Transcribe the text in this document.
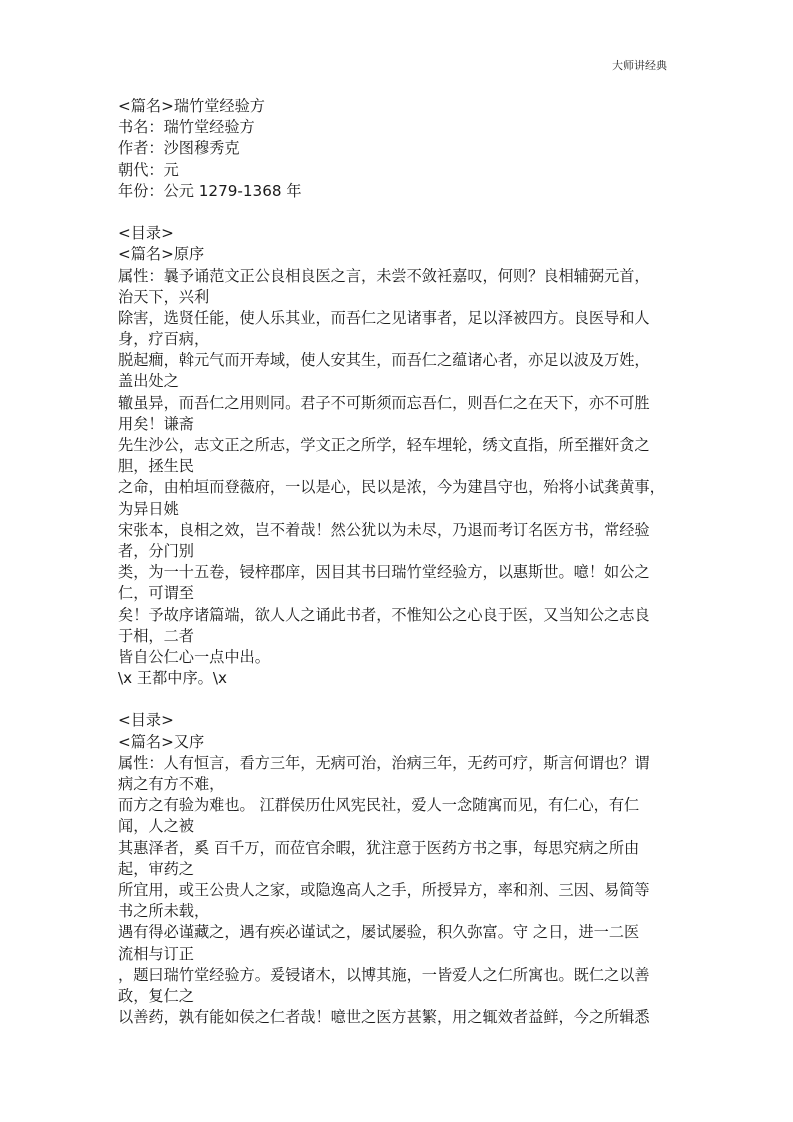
大师讲经典
<篇名>瑞竹堂经验方
书名：瑞竹堂经验方
作者：沙图穆秀克
朝代：元
年份：公元 1279-1368 年
<目录>
<篇名>原序
属性：曩予诵范文正公良相良医之言，未尝不敛衽嘉叹，何则？良相辅弼元首，
治天下，兴利
除害，选贤任能，使人乐其业，而吾仁之见诸事者，足以泽被四方。良医导和人
身，疗百病，
脱起癎，斡元气而开寿域，使人安其生，而吾仁之蕴诸心者，亦足以波及万姓，
盖出处之
辙虽异，而吾仁之用则同。君子不可斯须而忘吾仁，则吾仁之在天下，亦不可胜
用矣！谦斋
先生沙公，志文正之所志，学文正之所学，轻车埋轮，绣文直指，所至摧奸贪之
胆，拯生民
之命，由柏垣而登薇府，一以是心，民以是浓，今为建昌守也，殆将小试龚黄事，
为异日姚
宋张本，良相之效，岂不着哉！然公犹以为未尽，乃退而考订名医方书，常经验
者，分门别
类，为一十五卷，锓梓郡庠，因目其书曰瑞竹堂经验方，以惠斯世。噫！如公之
仁，可谓至
矣！予故序诸篇端，欲人人之诵此书者，不惟知公之心良于医，又当知公之志良
于相，二者
皆自公仁心一点中出。
\x 王都中序。\x
<目录>
<篇名>又序
属性：人有恒言，看方三年，无病可治，治病三年，无药可疗，斯言何谓也？谓
病之有方不难，
而方之有验为难也。 江群侯历仕风宪民社，爱人一念随寓而见，有仁心，有仁
闻，人之被
其惠泽者，奚 百千万，而莅官余暇，犹注意于医药方书之事，每思究病之所由
起，审药之
所宜用，或王公贵人之家，或隐逸高人之手，所授异方，率和剂、三因、易简等
书之所未载，
遇有得必谨藏之，遇有疾必谨试之，屡试屡验，积久弥富。守 之日，进一二医
流相与订正
，题曰瑞竹堂经验方。爰锓诸木，以博其施，一皆爱人之仁所寓也。既仁之以善
政，复仁之
以善药，孰有能如侯之仁者哉！噫世之医方甚繁，用之辄效者益鲜，今之所辑悉
